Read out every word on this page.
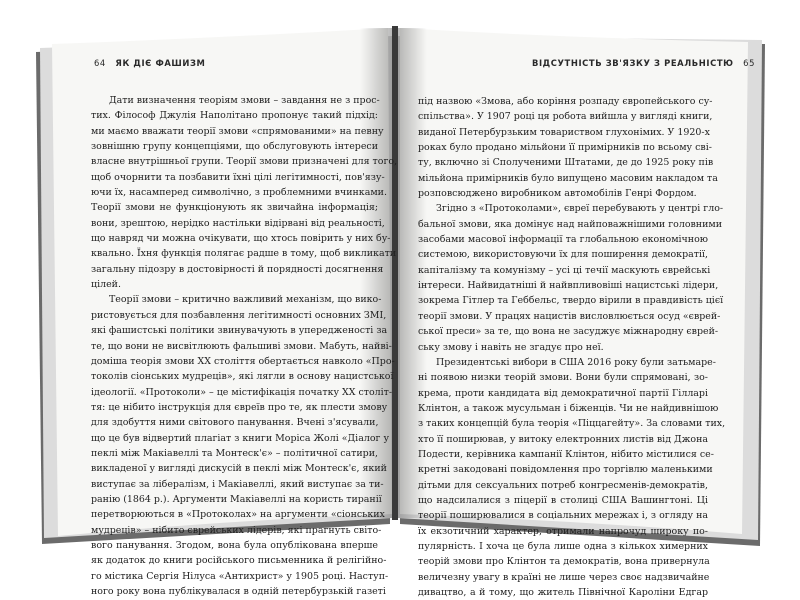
64 ЯК ДІЄ ФАШИЗМ
Дати визначення теоріям змови – завдання не з прос-
тих. Філософ Джулія Наполітано пропонує такий підхід:
ми маємо вважати теорії змови «спрямованими» на певну
зовнішню групу концепціями, що обслуговують інтереси
власне внутрішньої групи. Теорії змови призначені для того,
щоб очорнити та позбавити їхні цілі легітимності, пов'язу-
ючи їх, насамперед символічно, з проблемними вчинками.
Теорії змови не функціонують як звичайна інформація;
вони, зрештою, нерідко настільки відірвані від реальності,
що навряд чи можна очікувати, що хтось повірить у них бу-
квально. Їхня функція полягає радше в тому, щоб викликати
загальну підозру в достовірності й порядності досягнення
цілей.
Теорії змови – критично важливий механізм, що вико-
ристовується для позбавлення легітимності основних ЗМІ,
які фашистські політики звинувачують в упередженості за
те, що вони не висвітлюють фальшиві змови. Мабуть, найві-
доміша теорія змови XX століття обертається навколо «Про-
токолів сіонських мудреців», які лягли в основу нацистської
ідеології. «Протоколи» – це містифікація початку XX століт-
тя: це нібито інструкція для євреїв про те, як плести змову
для здобуття ними світового панування. Вчені з'ясували,
що це був відвертий плагіат з книги Моріса Жолі «Діалог у
пеклі між Макіавеллі та Монтеск'є» – політичної сатири,
викладеної у вигляді дискусій в пеклі між Монтеск'є, який
виступає за лібералізм, і Макіавеллі, який виступає за ти-
ранію (1864 р.). Аргументи Макіавеллі на користь тиранії
перетворюються в «Протоколах» на аргументи «сіонських
мудреців» – нібито єврейських лідерів, які прагнуть світо-
вого панування. Згодом, вона була опублікована вперше
як додаток до книги російського письменника й релігійно-
го містика Сергія Нілуса «Антихрист» у 1905 році. Наступ-
ного року вона публікувалася в одній петербурзькій газеті
ВІДСУТНІСТЬ ЗВ'ЯЗКУ З РЕАЛЬНІСТЮ 65
під назвою «Змова, або коріння розпаду європейського су-
спільства». У 1907 році ця робота вийшла у вигляді книги,
виданої Петербурзьким товариством глухонімих. У 1920-х
роках було продано мільйони її примірників по всьому сві-
ту, включно зі Сполученими Штатами, де до 1925 року пів
мільйона примірників було випущено масовим накладом та
розповсюджено виробником автомобілів Генрі Фордом.
Згідно з «Протоколами», євреї перебувають у центрі гло-
бальної змови, яка домінує над найповажнішими головними
засобами масової інформації та глобальною економічною
системою, використовуючи їх для поширення демократії,
капіталізму та комунізму – усі ці течії маскують єврейські
інтереси. Найвидатніші й найвпливовіші нацистські лідери,
зокрема Гітлер та Геббельс, твердо вірили в правдивість цієї
теорії змови. У працях нацистів висловлюється осуд «єврей-
ської преси» за те, що вона не засуджує міжнародну єврей-
ську змову і навіть не згадує про неї.
Президентські вибори в США 2016 року були затьмаре-
ні появою низки теорій змови. Вони були спрямовані, зо-
крема, проти кандидата від демократичної партії Гілларі
Клінтон, а також мусульман і біженців. Чи не найдивнішою
з таких концепцій була теорія «Піццагейту». За словами тих,
хто її поширював, у витоку електронних листів від Джона
Подести, керівника кампанії Клінтон, нібито містилися се-
кретні закодовані повідомлення про торгівлю маленькими
дітьми для сексуальних потреб конгресменів-демократів,
що надсилалися з піцерії в столиці США Вашингтоні. Ці
теорії поширювалися в соціальних мережах і, з огляду на
їх екзотичний характер, отримали напрочуд широку по-
пулярність. І хоча це була лише одна з кількох химерних
теорій змови про Клінтон та демократів, вона привернула
величезну увагу в країні не лише через своє надзвичайне
дивацтво, а й тому, що житель Північної Кароліни Едгар
